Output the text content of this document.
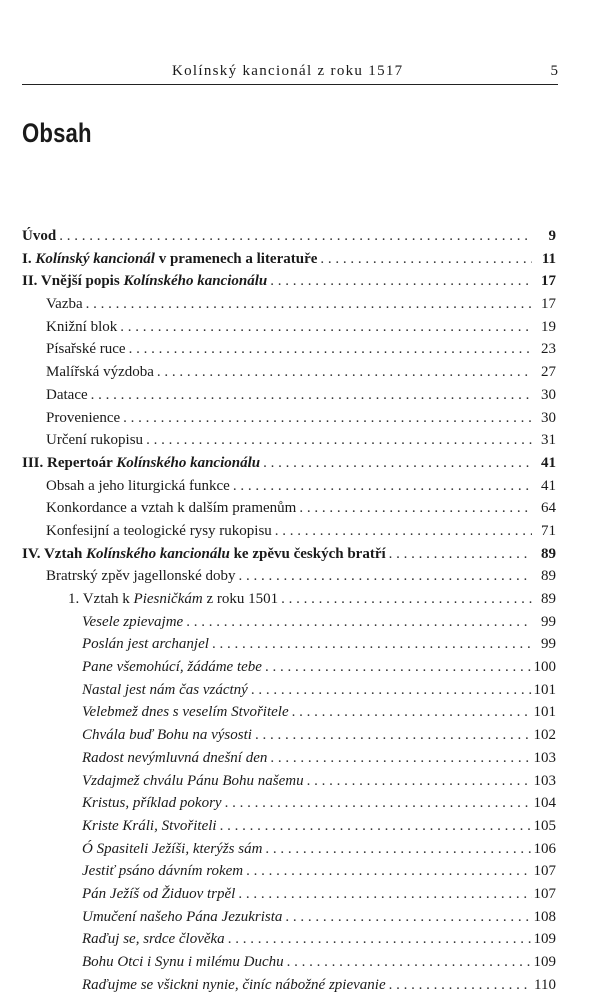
Kolínský kancionál z roku 1517	5
Obsah
Úvod . . .	9
I. Kolínský kancionál v pramenech a literatuře . . .	11
II. Vnější popis Kolínského kancionálu . . .	17
Vazba . . .	17
Knižní blok . . .	19
Písařské ruce . . .	23
Malířská výzdoba . . .	27
Datace . . .	30
Provenience . . .	30
Určení rukopisu . . .	31
III. Repertoár Kolínského kancionálu . . .	41
Obsah a jeho liturgická funkce . . .	41
Konkordance a vztah k dalším pramenům . . .	64
Konfesijní a teologické rysy rukopisu . . .	71
IV. Vztah Kolínského kancionálu ke zpěvu českých bratří . . .	89
Bratrský zpěv jagellonské doby . . .	89
1. Vztah k Piesničkám z roku 1501 . . .	89
Vesele zpievajme . . .	99
Poslán jest archanjel . . .	99
Pane všemohúcí, žádáme tebe . . .	100
Nastal jest nám čas vzáctný . . .	101
Velebmež dnes s veselím Stvořitele . . .	101
Chvála buď Bohu na výsosti . . .	102
Radost nevýmluvná dnešní den . . .	103
Vzdajmež chválu Pánu Bohu našemu . . .	103
Kristus, příklad pokory . . .	104
Kriste Králi, Stvořiteli . . .	105
Ó Spasiteli Ježíši, kterýžs sám . . .	106
Jestiť psáno dávním rokem . . .	107
Pán Ježíš od Židuov trpěl . . .	107
Umučení našeho Pána Jezukrista . . .	108
Raďuj se, srdce člověka . . .	109
Bohu Otci i Synu i milému Duchu . . .	109
Raďujme se všickni nynie, činíc nábožné zpievanie . . .	110
